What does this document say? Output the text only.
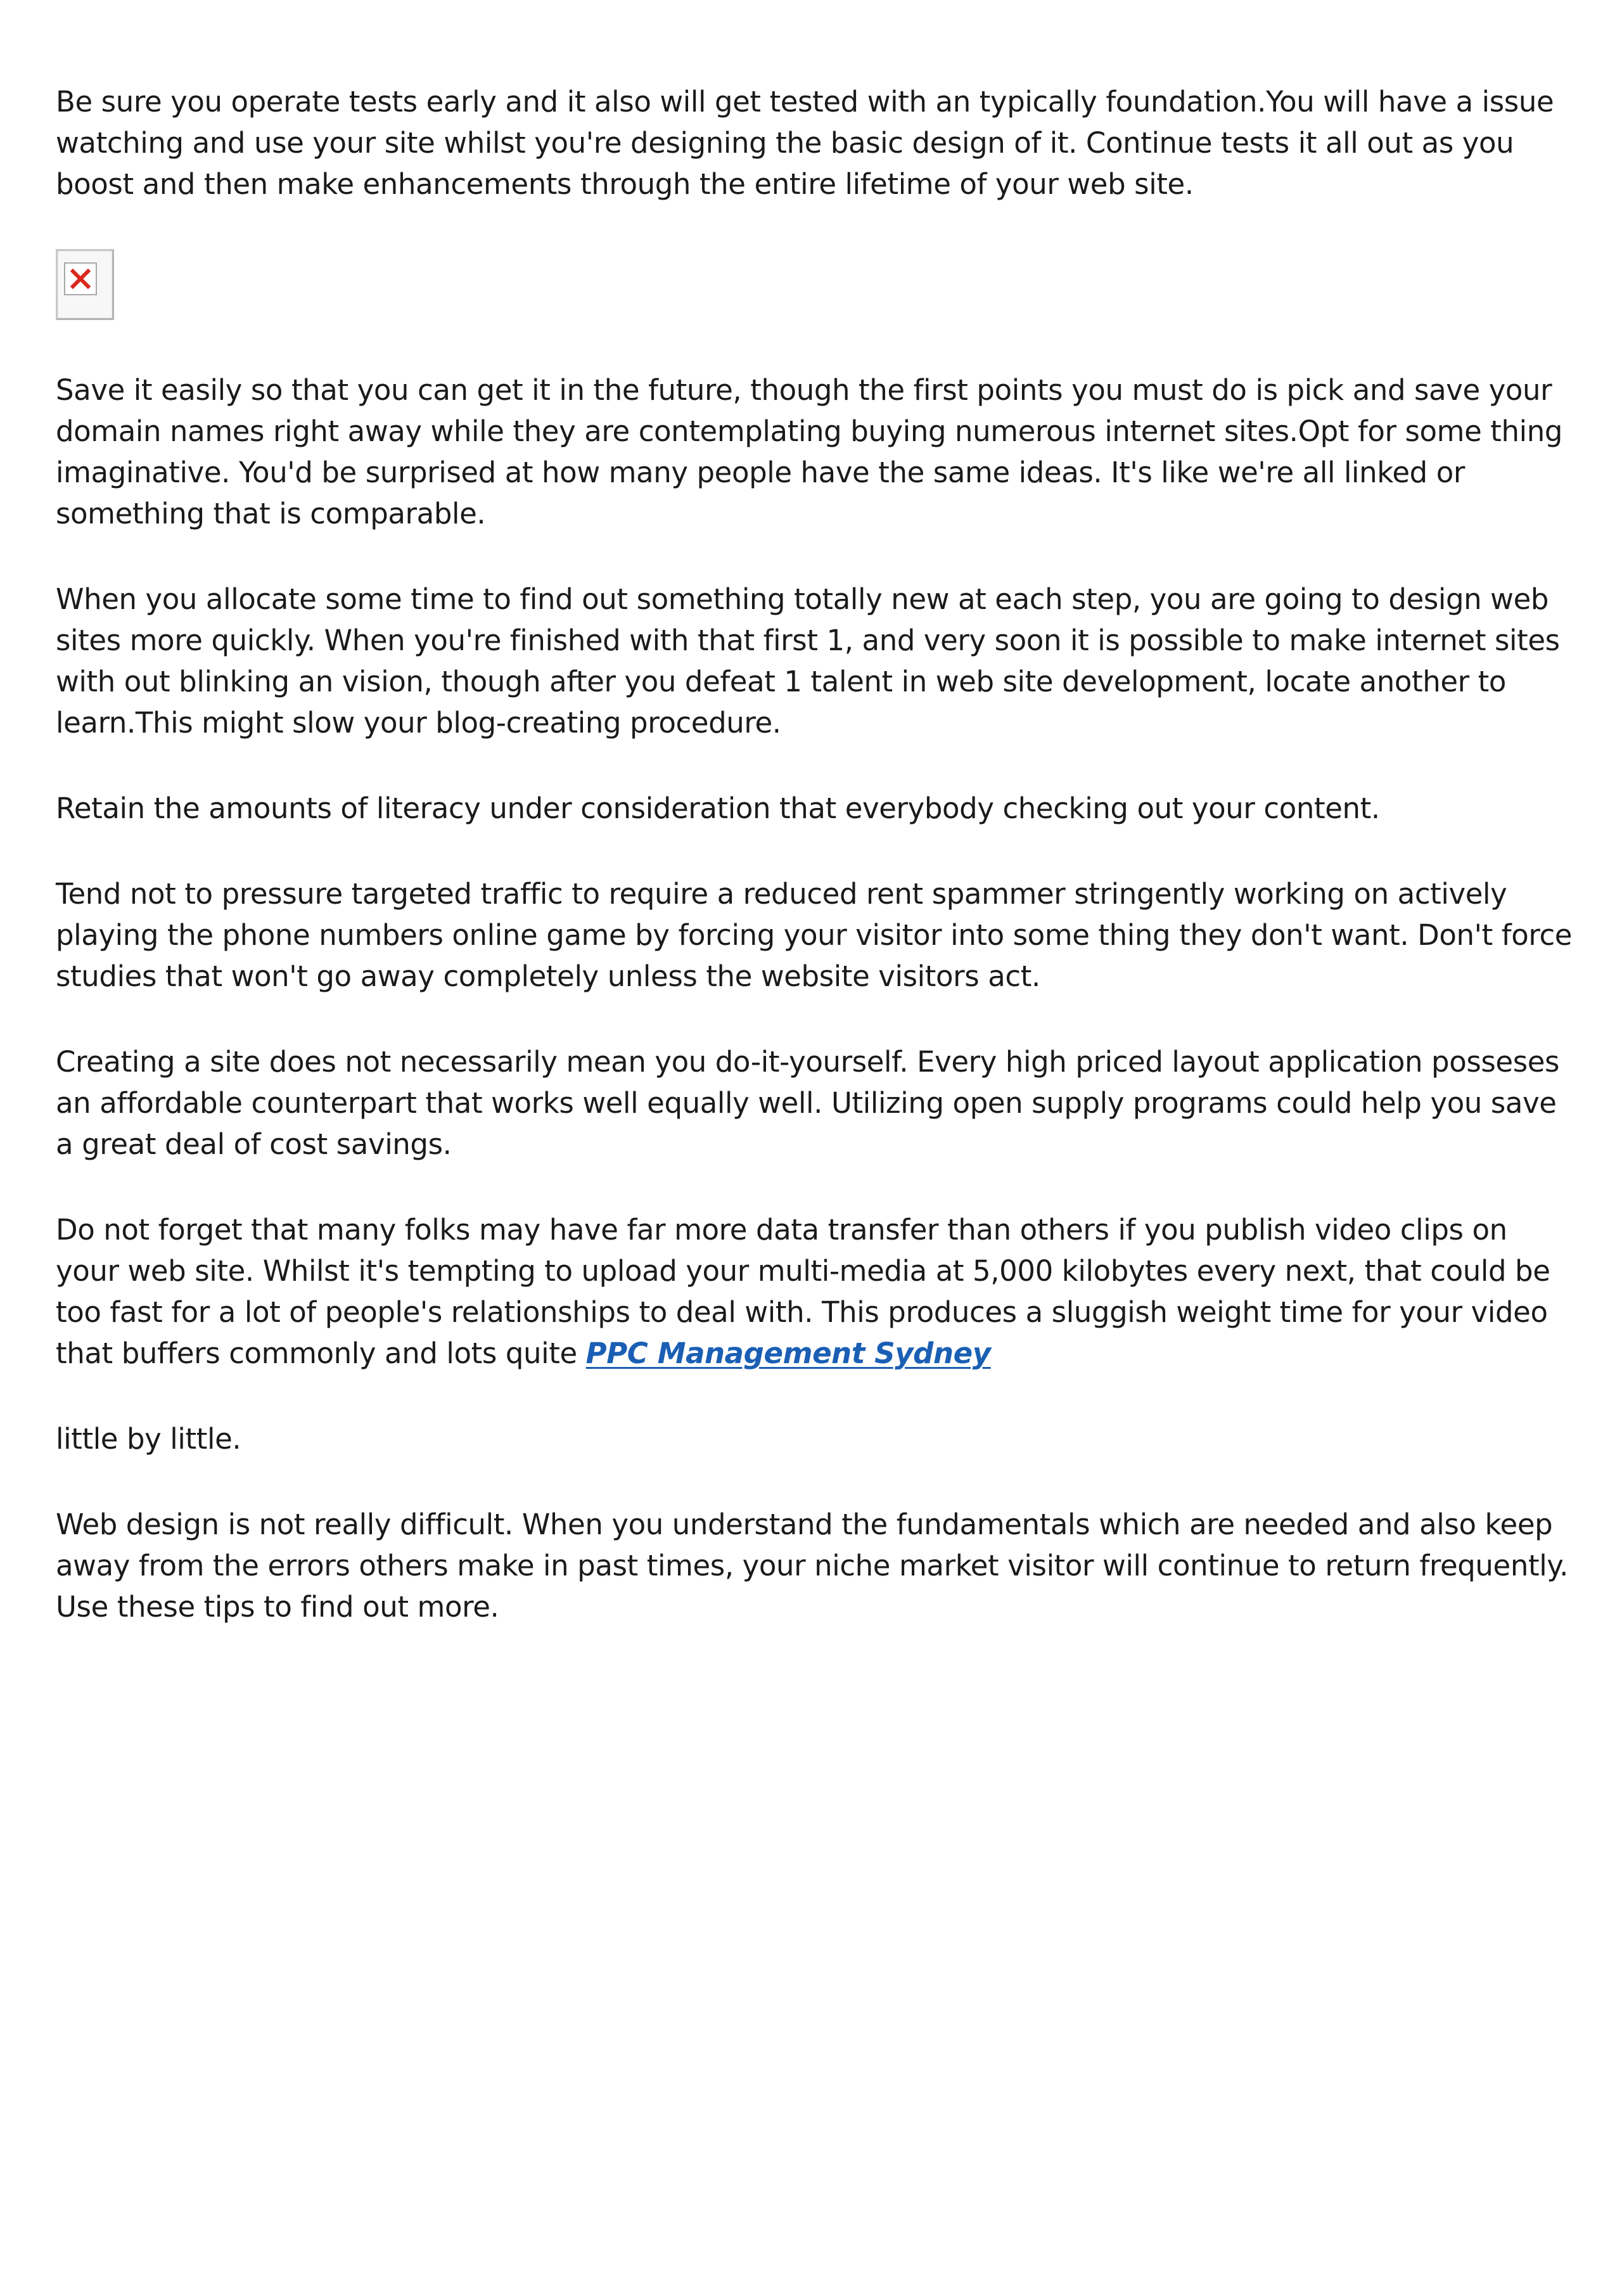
Be sure you operate tests early and it also will get tested with an typically foundation.You will have a issue watching and use your site whilst you're designing the basic design of it. Continue tests it all out as you boost and then make enhancements through the entire lifetime of your web site.

Save it easily so that you can get it in the future, though the first points you must do is pick and save your domain names right away while they are contemplating buying numerous internet sites.Opt for some thing imaginative. You'd be surprised at how many people have the same ideas. It's like we're all linked or something that is comparable.

When you allocate some time to find out something totally new at each step, you are going to design web sites more quickly. When you're finished with that first 1, and very soon it is possible to make internet sites with out blinking an vision, though after you defeat 1 talent in web site development, locate another to learn.This might slow your blog-creating procedure.

Retain the amounts of literacy under consideration that everybody checking out your content.

Tend not to pressure targeted traffic to require a reduced rent spammer stringently working on actively playing the phone numbers online game by forcing your visitor into some thing they don't want. Don't force studies that won't go away completely unless the website visitors act.

Creating a site does not necessarily mean you do-it-yourself. Every high priced layout application posseses an affordable counterpart that works well equally well. Utilizing open supply programs could help you save a great deal of cost savings.

Do not forget that many folks may have far more data transfer than others if you publish video clips on your web site. Whilst it's tempting to upload your multi-media at 5,000 kilobytes every next, that could be too fast for a lot of people's relationships to deal with. This produces a sluggish weight time for your video that buffers commonly and lots quite PPC Management Sydney

little by little.

Web design is not really difficult. When you understand the fundamentals which are needed and also keep away from the errors others make in past times, your niche market visitor will continue to return frequently. Use these tips to find out more.
